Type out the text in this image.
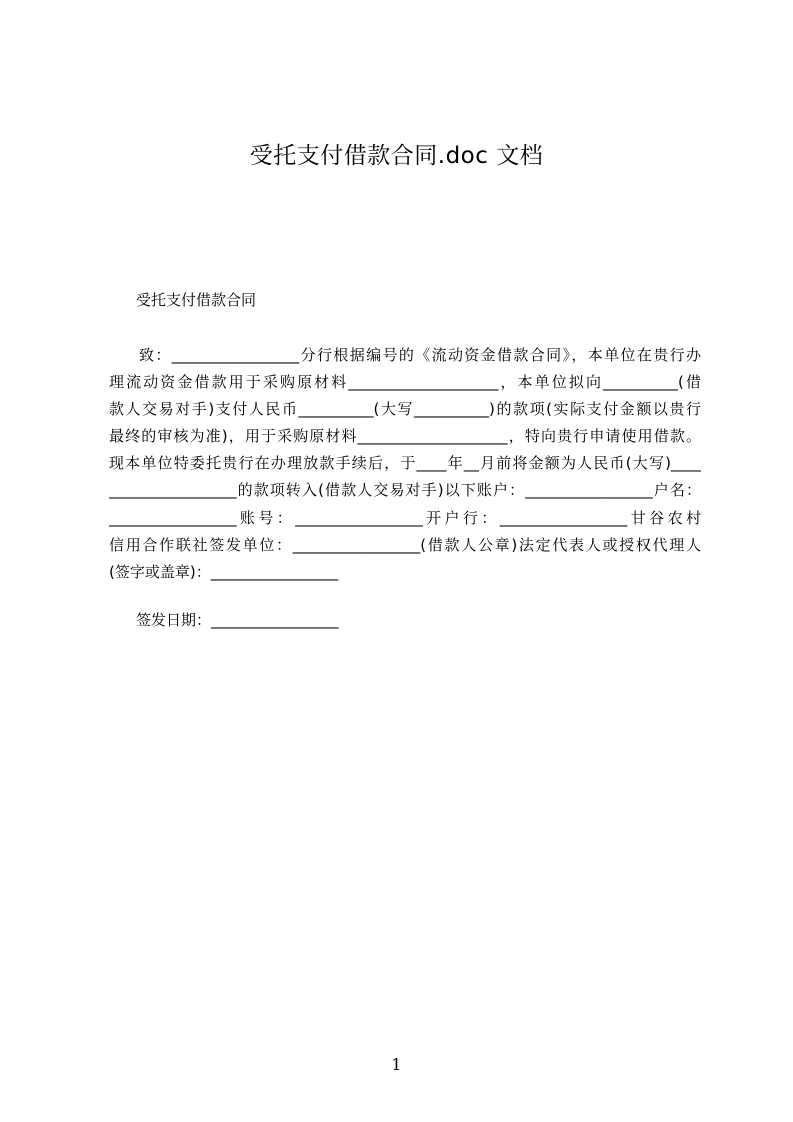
受托支付借款合同.doc 文档
受托支付借款合同
致：_________________分行根据编号的《流动资金借款合同》，本单位在贵行办
理流动资金借款用于采购原材料____________________，本单位拟向__________(借
款人交易对手)支付人民币__________(大写__________)的款项(实际支付金额以贵行
最终的审核为准)，用于采购原材料____________________，特向贵行申请使用借款。
现本单位特委托贵行在办理放款手续后，于____年__月前将金额为人民币(大写)____
_________________的款项转入(借款人交易对手)以下账户：_________________户名：
_________________账号：_________________开户行：_________________甘谷农村
信用合作联社签发单位：_________________(借款人公章)法定代表人或授权代理人
(签字或盖章)：_________________
签发日期：_________________
1
